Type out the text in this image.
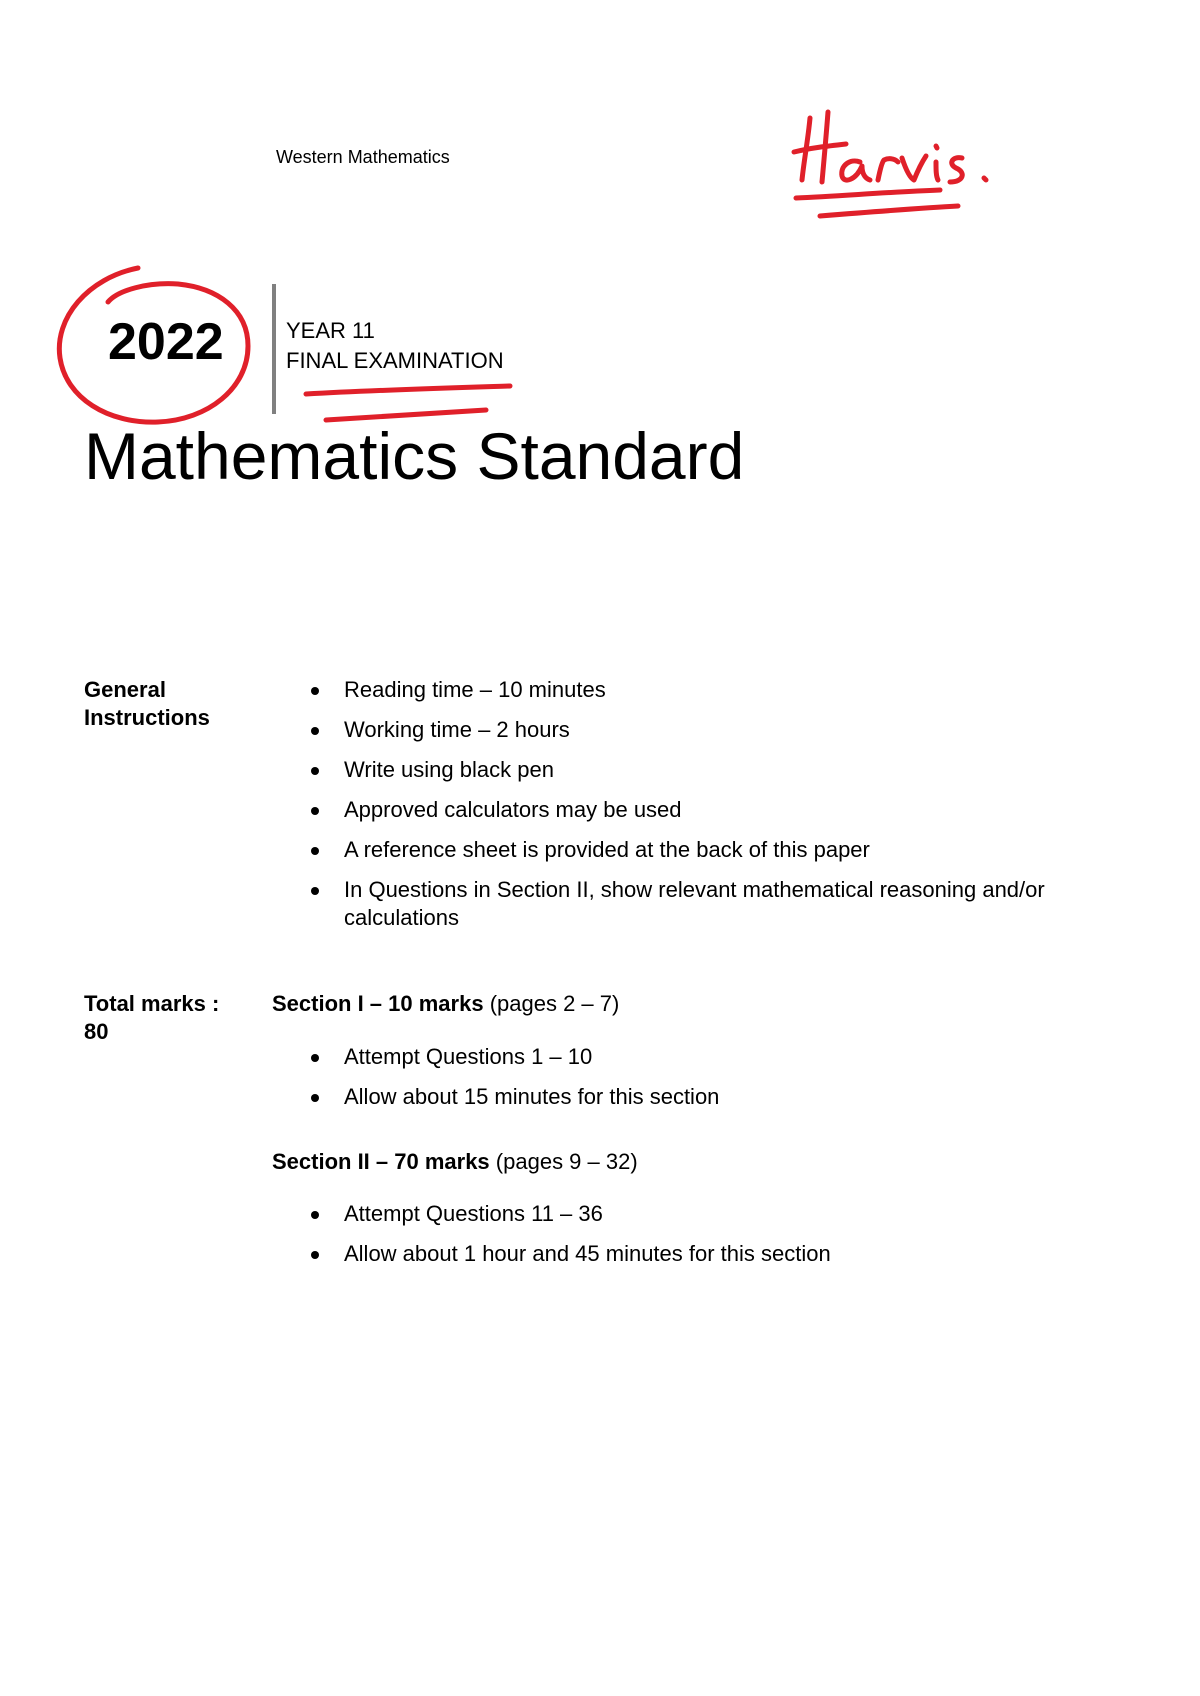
Western Mathematics
2022	YEAR 11
FINAL EXAMINATION
Mathematics Standard
General
Instructions
Reading time – 10 minutes
Working time – 2 hours
Write using black pen
Approved calculators may be used
A reference sheet is provided at the back of this paper
In Questions in Section II, show relevant mathematical reasoning and/or calculations
Total marks :
80
Section I – 10 marks (pages 2 – 7)
Attempt Questions 1 – 10
Allow about 15 minutes for this section
Section II – 70 marks (pages 9 – 32)
Attempt Questions 11 – 36
Allow about 1 hour and 45 minutes for this section
